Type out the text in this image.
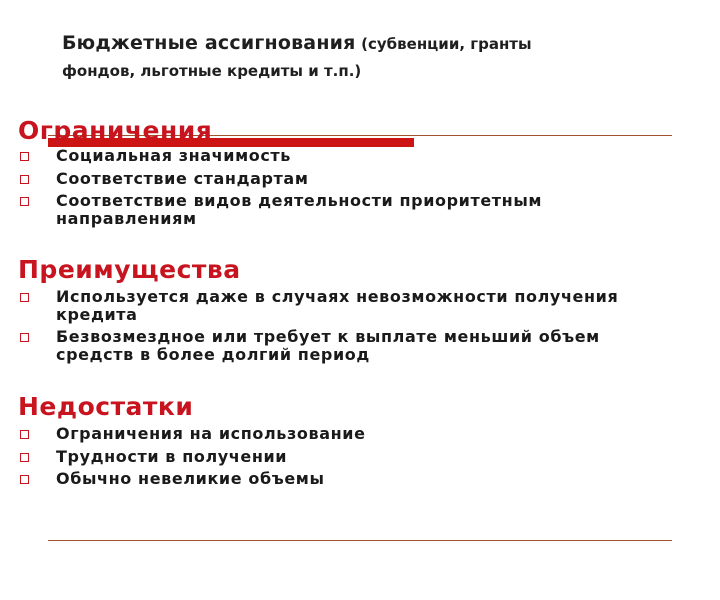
Бюджетные ассигнования (субвенции, гранты
фондов, льготные кредиты и т.п.)
Ограничения
Социальная значимость
Соответствие стандартам
Соответствие видов деятельности приоритетным направлениям
Преимущества
Используется даже в случаях невозможности получения кредита
Безвозмездное или требует к выплате меньший объем средств в более долгий период
Недостатки
Ограничения на использование
Трудности в получении
Обычно невеликие объемы
